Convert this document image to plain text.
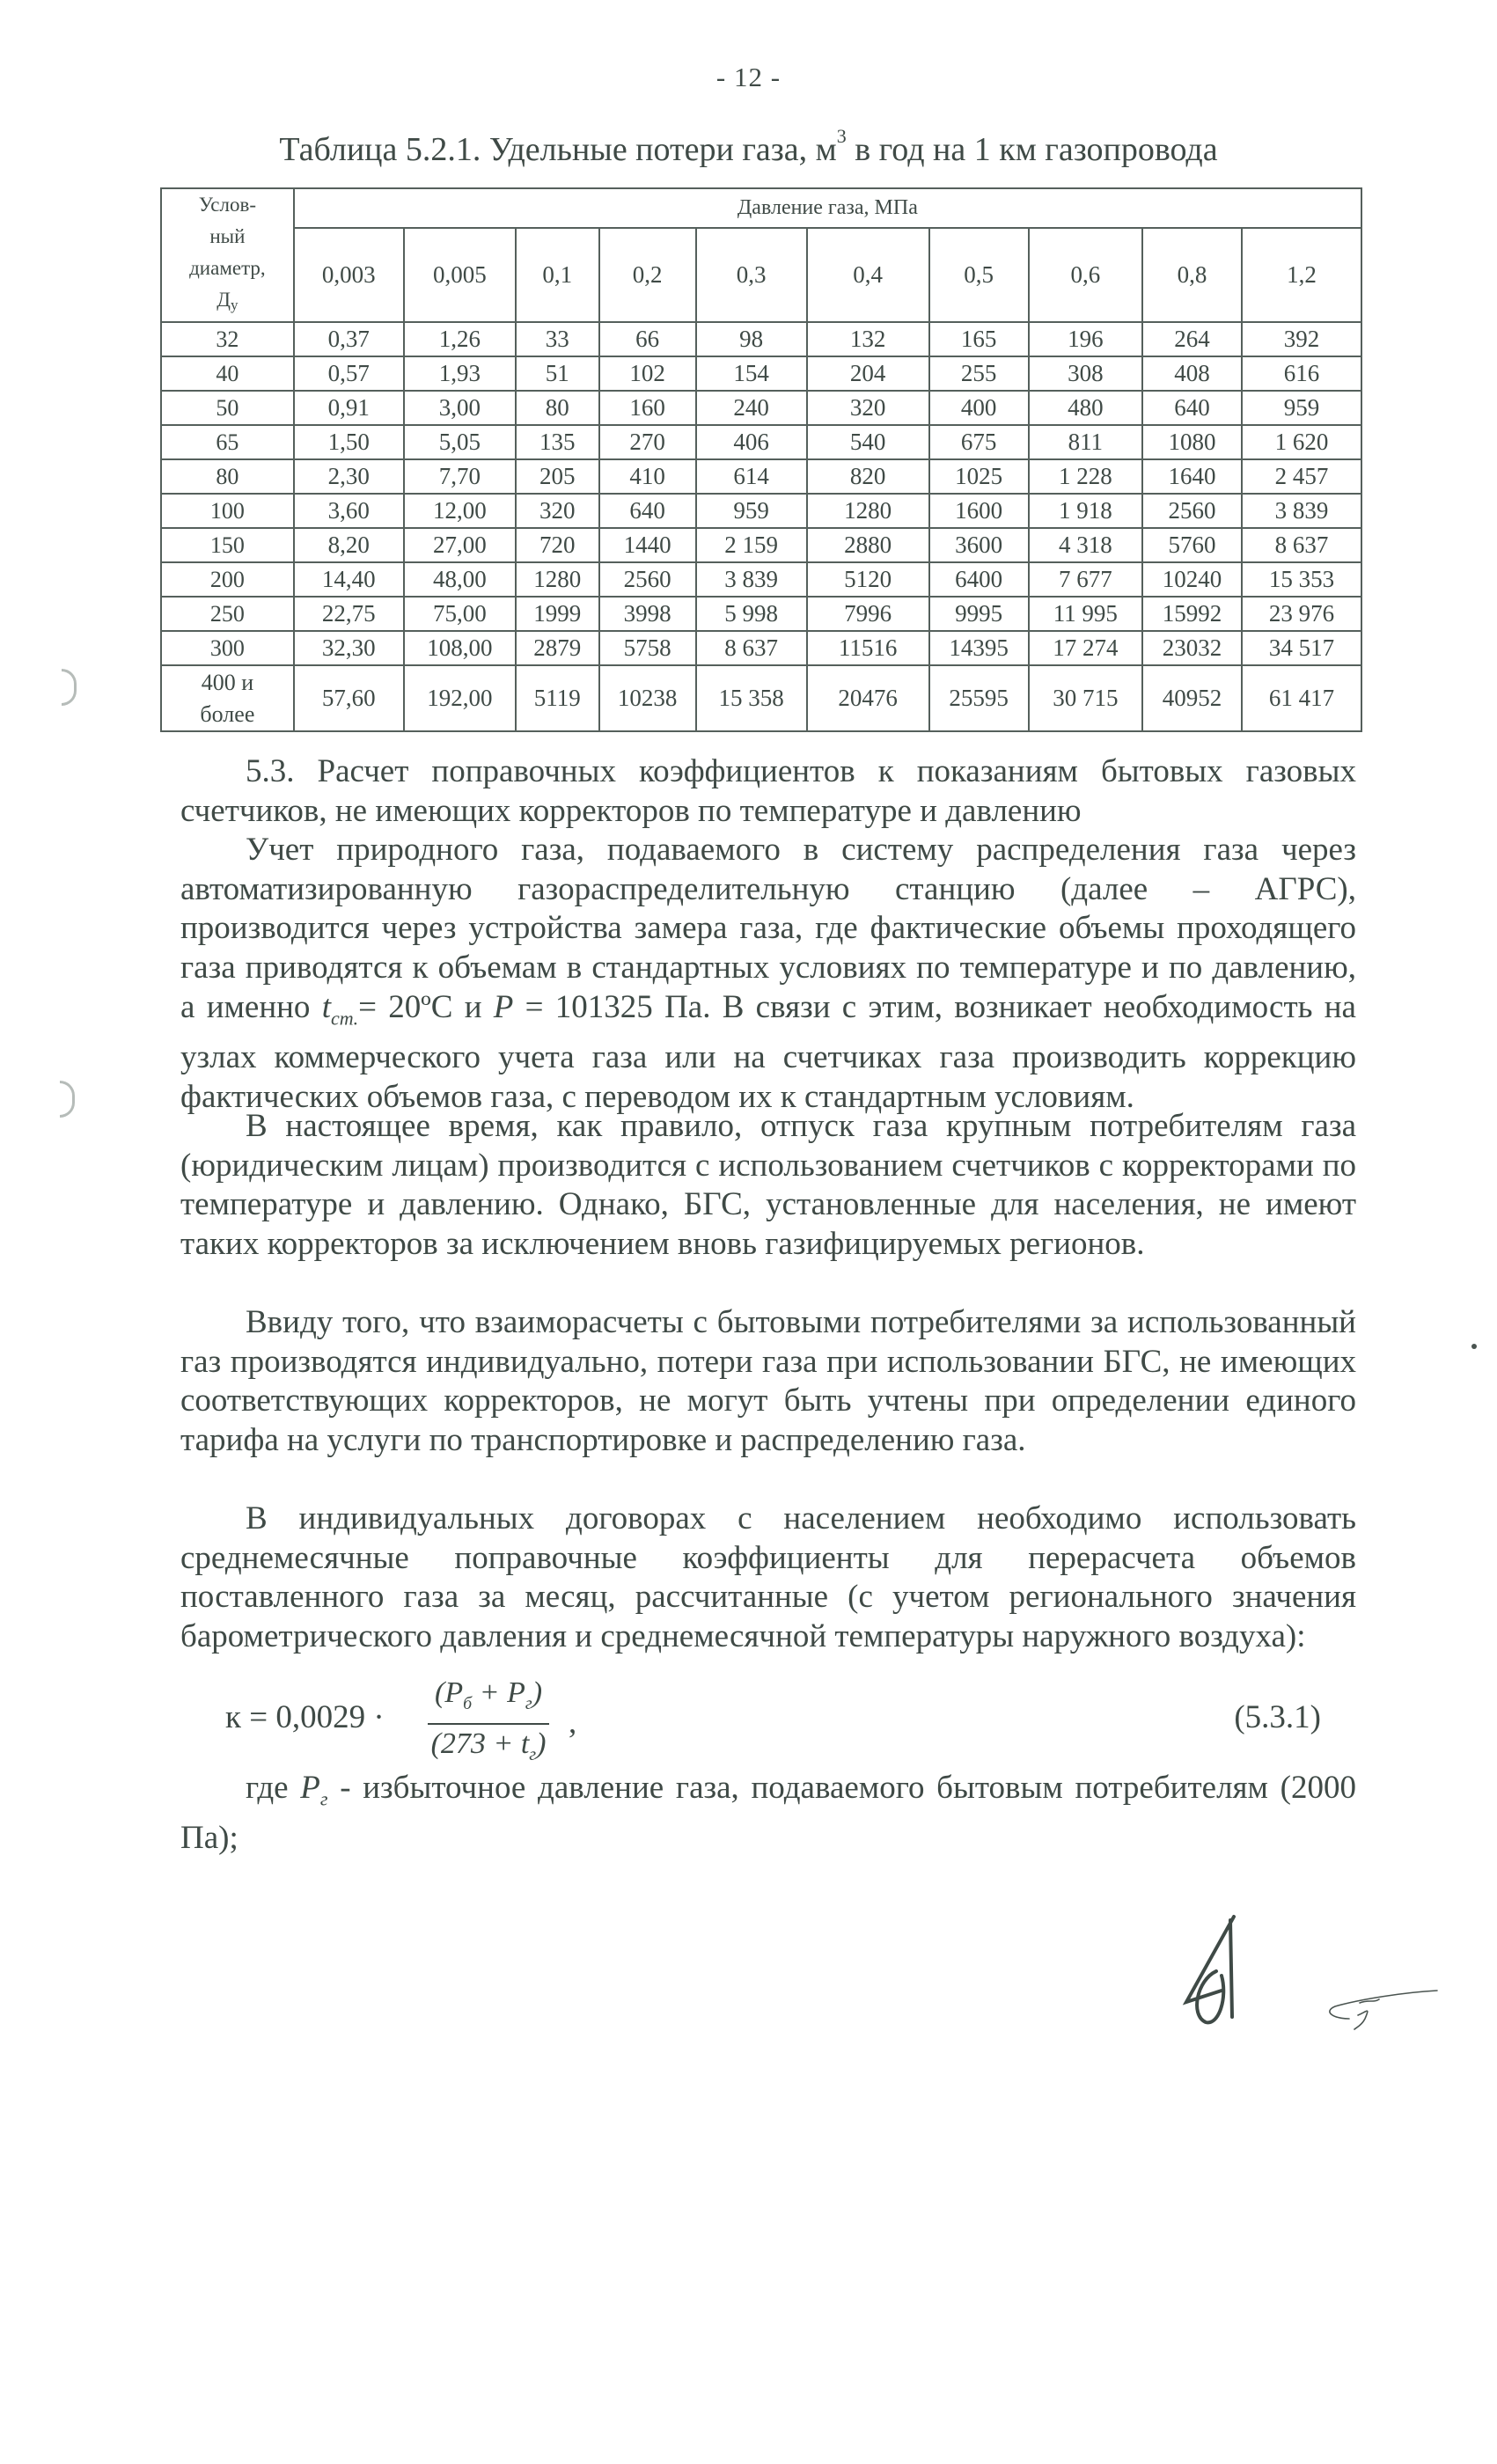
- 12 -
Таблица 5.2.1. Удельные потери газа, $м^3$ в год на 1 км газопровода
Услов-
ный
диаметр,
$Д_у$	Давление газа, МПа									
	0,003	0,005	0,1	0,2	0,3	0,4	0,5	0,6	0,8	1,2
32	0,37	1,26	33	66	98	132	165	196	264	392
40	0,57	1,93	51	102	154	204	255	308	408	616
50	0,91	3,00	80	160	240	320	400	480	640	959
65	1,50	5,05	135	270	406	540	675	811	1080	1 620
80	2,30	7,70	205	410	614	820	1025	1 228	1640	2 457
100	3,60	12,00	320	640	959	1280	1600	1 918	2560	3 839
150	8,20	27,00	720	1440	2 159	2880	3600	4 318	5760	8 637
200	14,40	48,00	1280	2560	3 839	5120	6400	7 677	10240	15 353
250	22,75	75,00	1999	3998	5 998	7996	9995	11 995	15992	23 976
300	32,30	108,00	2879	5758	8 637	11516	14395	17 274	23032	34 517
400 и
более	57,60	192,00	5119	10238	15 358	20476	25595	30 715	40952	61 417
5.3. Расчет поправочных коэффициентов к показаниям бытовых газовых счетчиков, не имеющих корректоров по температуре и давлению
Учет природного газа, подаваемого в систему распределения газа через автоматизированную газораспределительную станцию (далее – АГРС), производится через устройства замера газа, где фактические объемы проходящего газа приводятся к объемам в стандартных условиях по температуре и по давлению, а именно $t_{cm.}=$ 20ºС и P = 101325 Па. В связи с этим, возникает необходимость на узлах коммерческого учета газа или на счетчиках газа производить коррекцию фактических объемов газа, с переводом их к стандартным условиям.
В настоящее время, как правило, отпуск газа крупным потребителям газа (юридическим лицам) производится с использованием счетчиков с корректорами по температуре и давлению. Однако, БГС, установленные для населения, не имеют таких корректоров за исключением вновь газифицируемых регионов.
Ввиду того, что взаиморасчеты с бытовыми потребителями за использованный газ производятся индивидуально, потери газа при использовании БГС, не имеющих соответствующих корректоров, не могут быть учтены при определении единого тарифа на услуги по транспортировке и распределению газа.
В индивидуальных договорах с населением необходимо использовать среднемесячные поправочные коэффициенты для перерасчета объемов поставленного газа за месяц, рассчитанные (с учетом регионального значения барометрического давления и среднемесячной температуры наружного воздуха):
к = 0,0029 ·
$(P_б + P_г)$
$(273 + t_г)$
,	(5.3.1)
где $P_г$ - избыточное давление газа, подаваемого бытовым потребителям (2000 Па);
